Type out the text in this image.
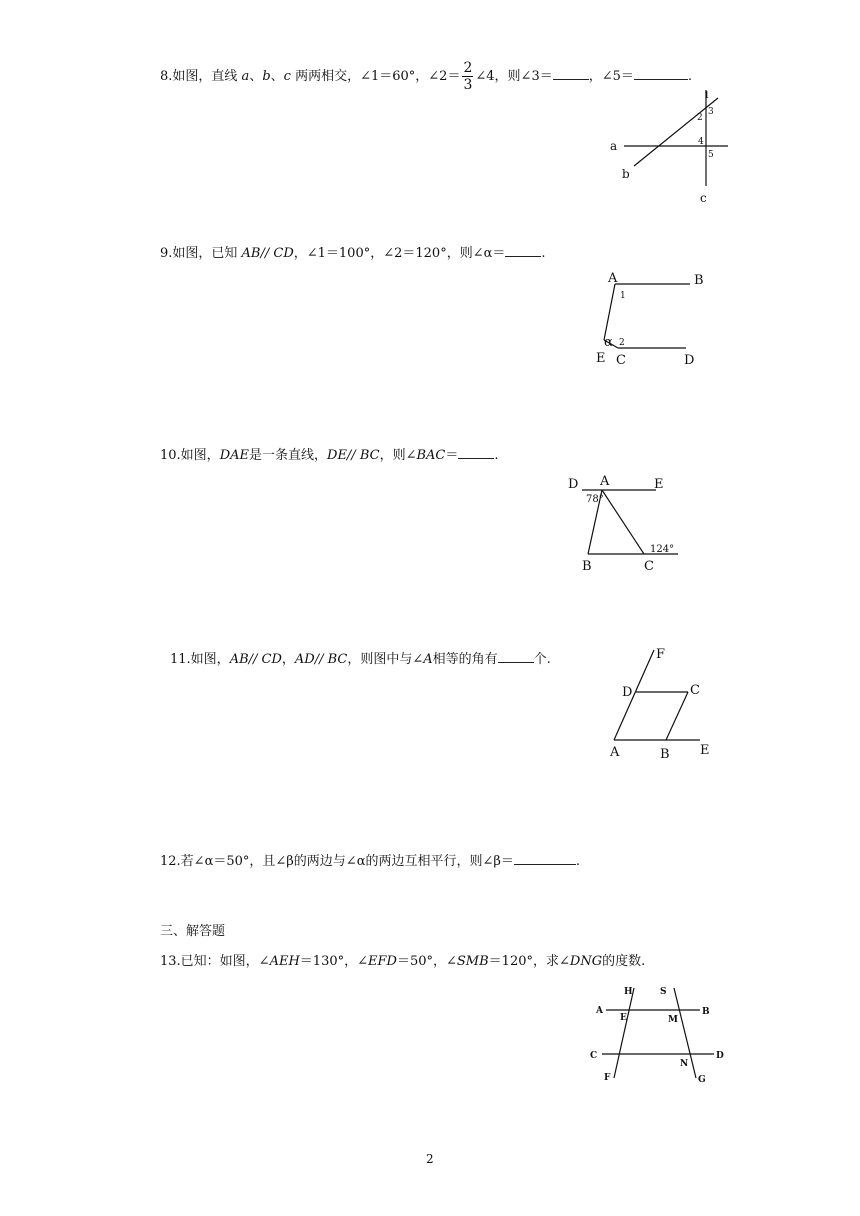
8.如图，直线 a、b、c 两两相交，∠1＝60°，∠2＝ $\frac{2}{3}$ ∠4，则∠3＝	，∠5＝	.
a
b
c
1
2
3
4
5
9.如图，已知 AB// CD，∠1＝100°，∠2＝120°，则∠α＝	.
A	B
1
α 2
E C	D
10.如图，DAE是一条直线，DE// BC，则∠BAC＝	.
D A	E
78°
124°
B	C
11.如图，AB// CD，AD// BC，则图中与∠A相等的角有	个.	F
D	C
A	B E
12.若∠α＝50°，且∠β的两边与∠α的两边互相平行，则∠β＝	.
三、解答题
13.已知：如图，∠AEH＝130°，∠EFD＝50°，∠SMB＝120°，求∠DNG的度数.
H	S
A
E	M
B
C
N
D
F	G
2
